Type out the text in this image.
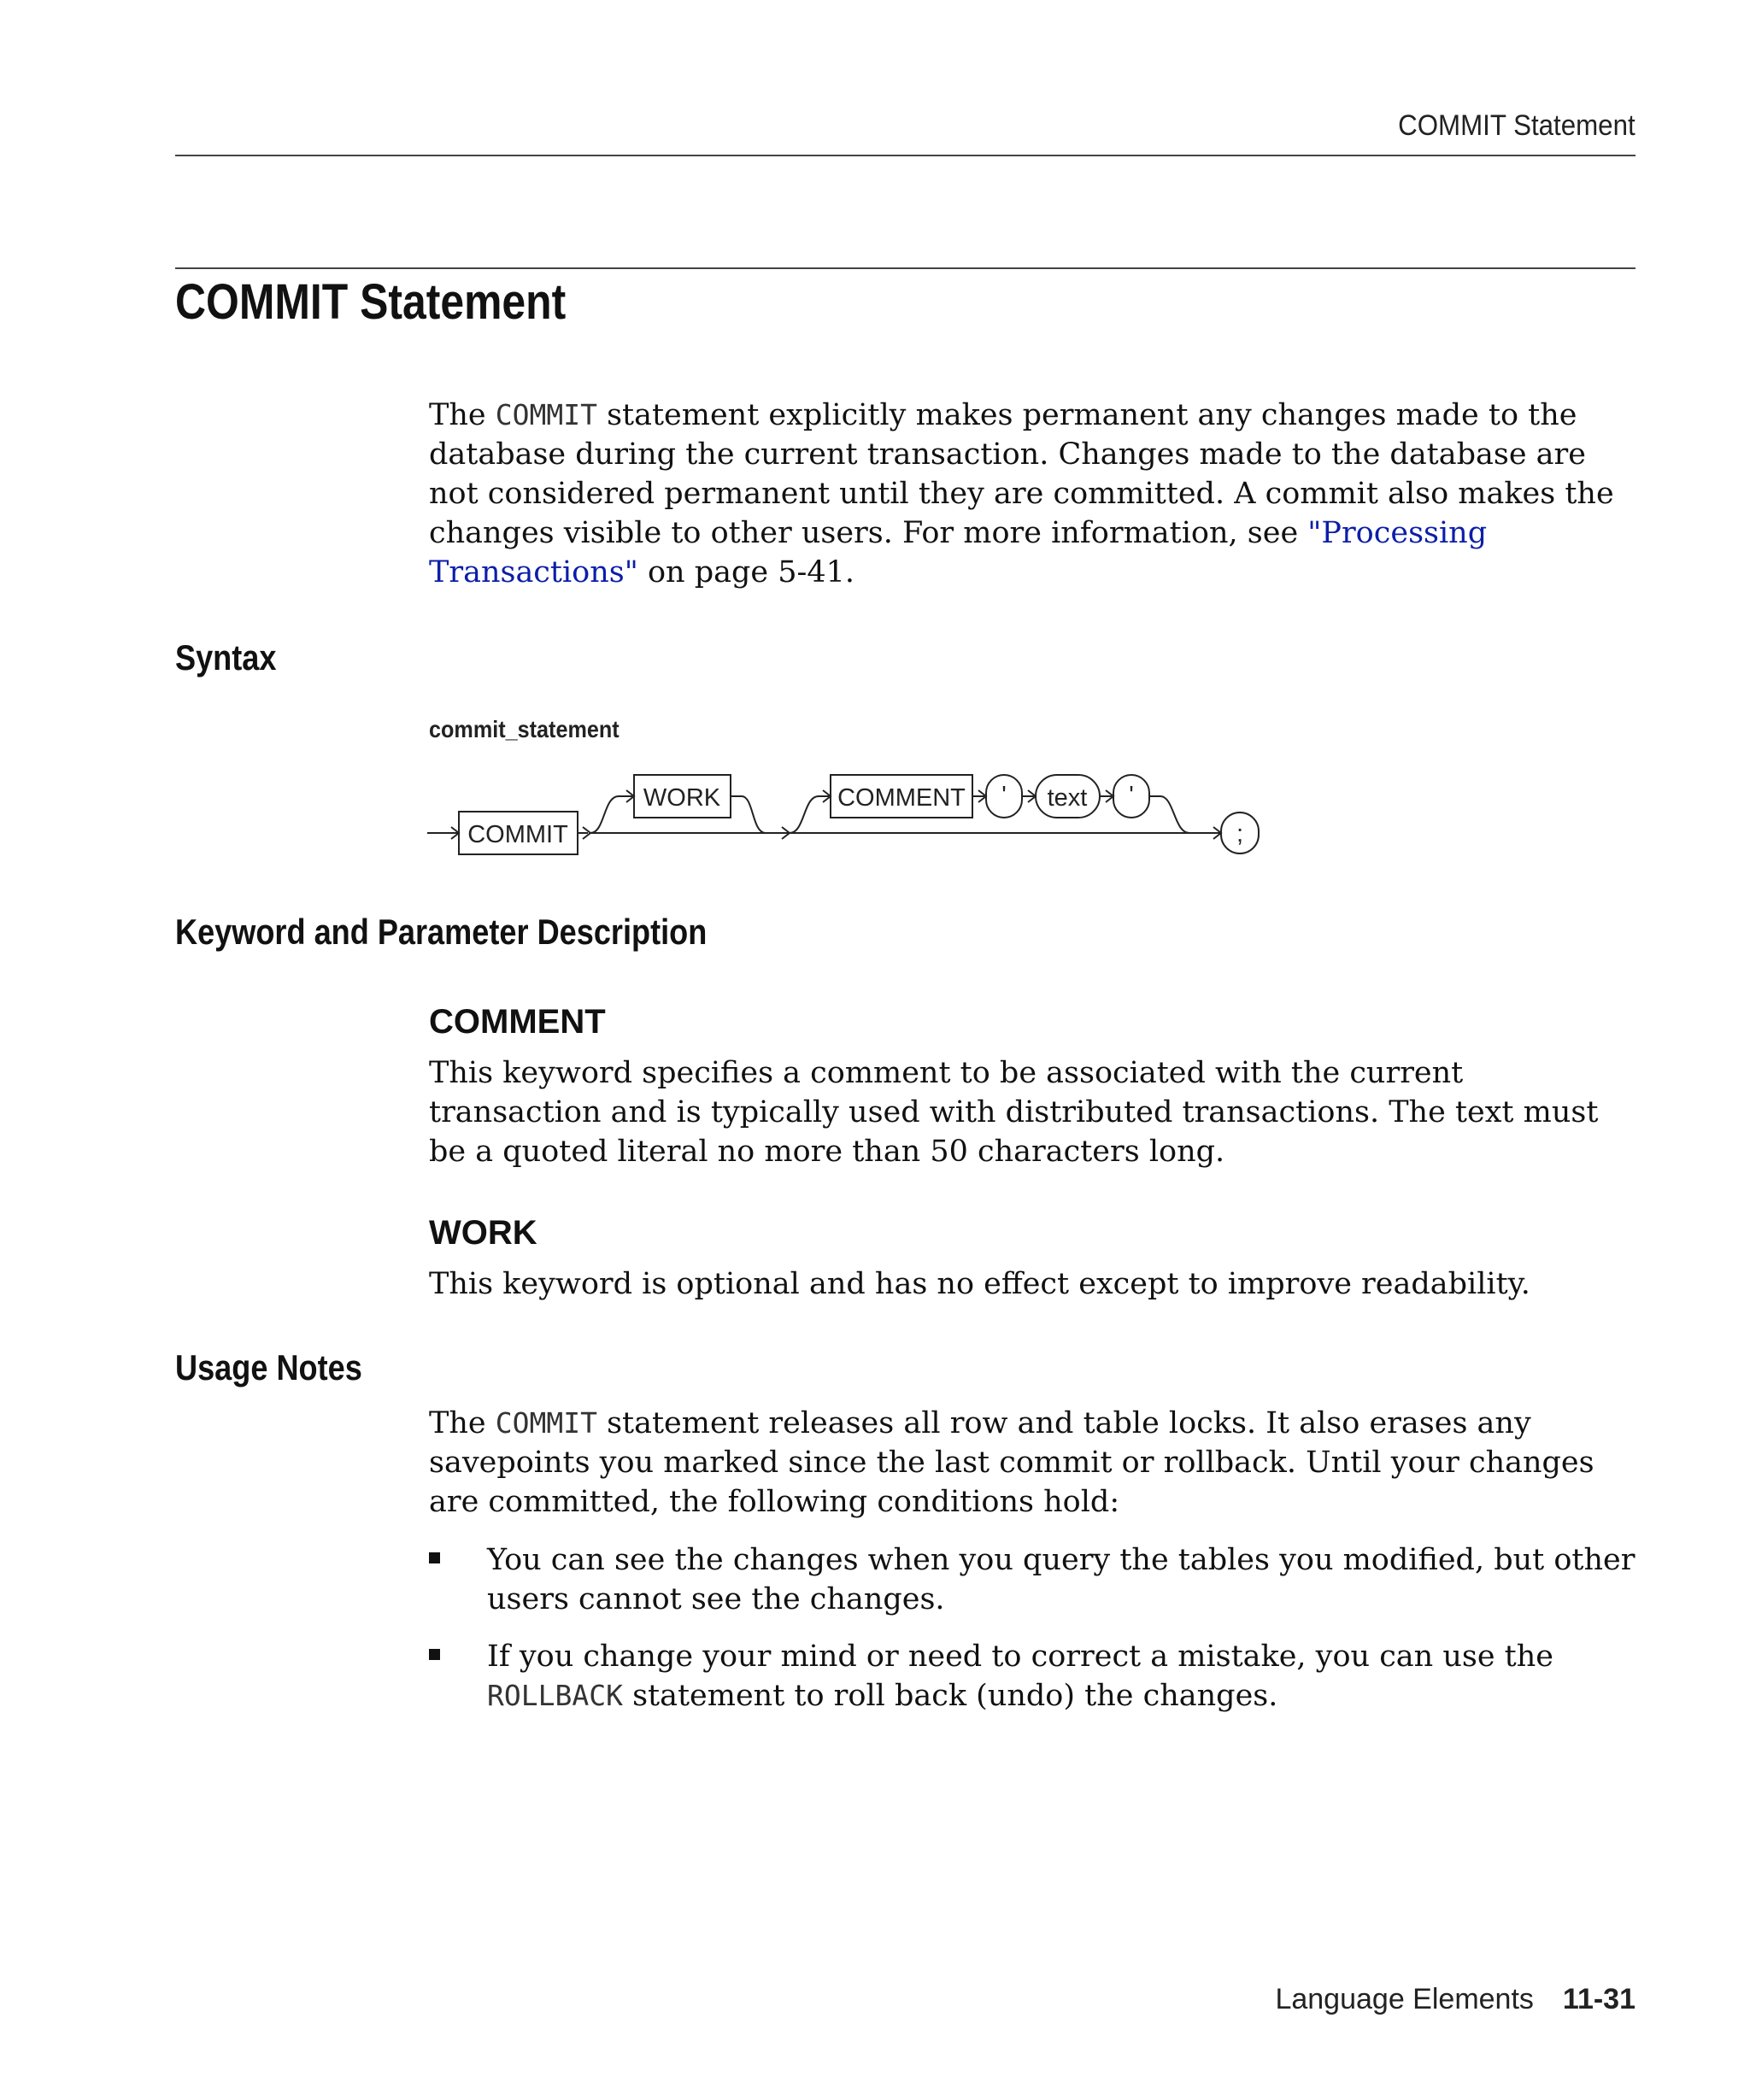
COMMIT Statement
COMMIT Statement

The COMMIT statement explicitly makes permanent any changes made to the database during the current transaction. Changes made to the database are not considered permanent until they are committed. A commit also makes the changes visible to other users. For more information, see "Processing Transactions" on page 5-41.

Syntax
commit_statement
COMMIT
WORK	COMMENT ' text '
;
Keyword and Parameter Description
COMMENT
This keyword specifies a comment to be associated with the current transaction and is typically used with distributed transactions. The text must be a quoted literal no more than 50 characters long.
WORK
This keyword is optional and has no effect except to improve readability.
Usage Notes

The COMMIT statement releases all row and table locks. It also erases any savepoints you marked since the last commit or rollback. Until your changes are committed, the following conditions hold:

You can see the changes when you query the tables you modified, but other users cannot see the changes.
If you change your mind or need to correct a mistake, you can use the ROLLBACK statement to roll back (undo) the changes.
Language Elements 11-31
